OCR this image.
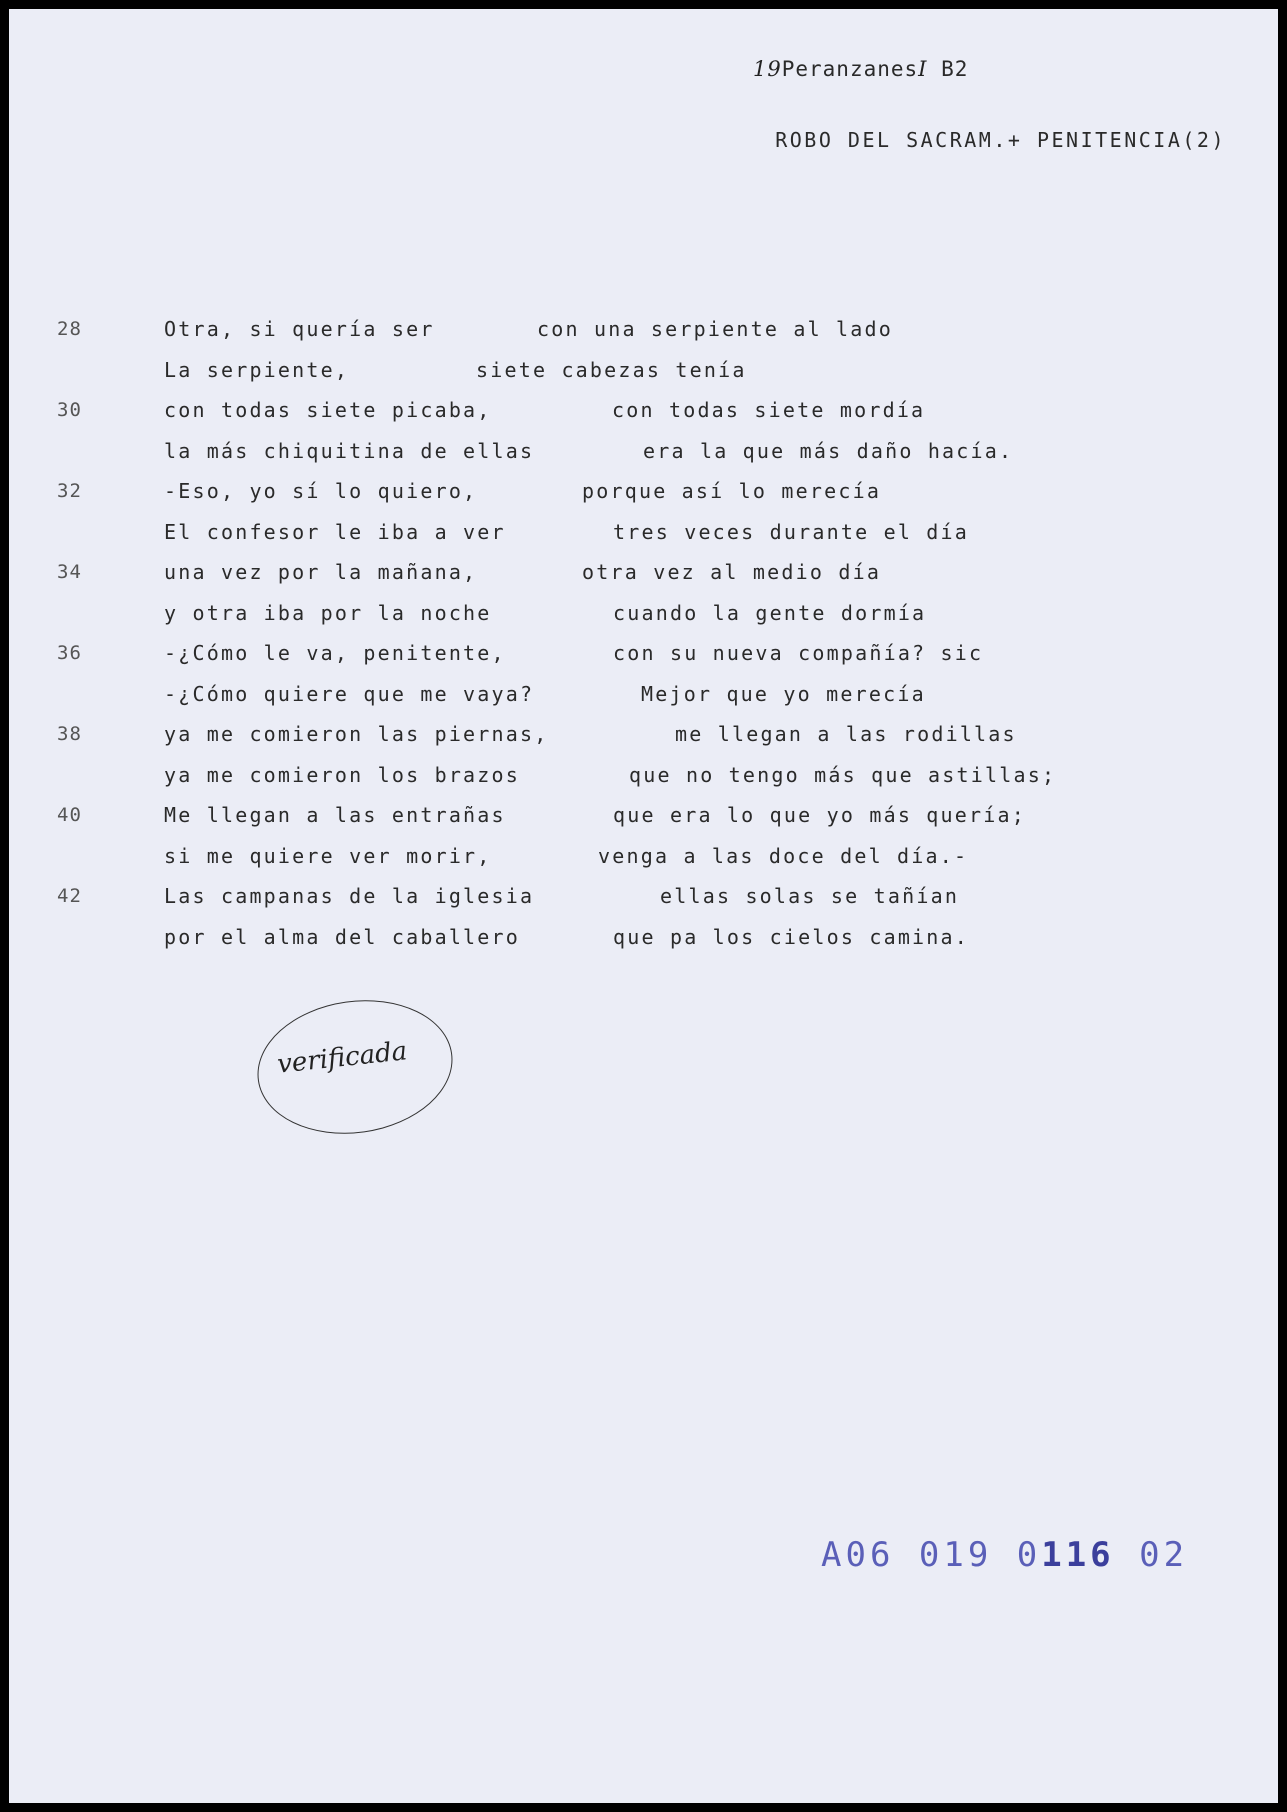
19PeranzanesI B2
ROBO DEL SACRAM.+ PENITENCIA(2)
28	Otra, si quería ser	con una serpiente al lado
La serpiente,	siete cabezas tenía
30	con todas siete picaba,	con todas siete mordía
la más chiquitina de ellas	era la que más daño hacía.
32	-Eso, yo sí lo quiero,	porque así lo merecía
El confesor le iba a ver	tres veces durante el día
34	una vez por la mañana,	otra vez al medio día
y otra iba por la noche	cuando la gente dormía
36	-¿Cómo le va, penitente,	con su nueva compañía? sic
-¿Cómo quiere que me vaya?	Mejor que yo merecía
38	ya me comieron las piernas,	me llegan a las rodillas
ya me comieron los brazos	que no tengo más que astillas;
40	Me llegan a las entrañas	que era lo que yo más quería;
si me quiere ver morir,	venga a las doce del día.-
42	Las campanas de la iglesia	ellas solas se tañían
por el alma del caballero	que pa los cielos camina.
verificada
A06 019 0116 02
